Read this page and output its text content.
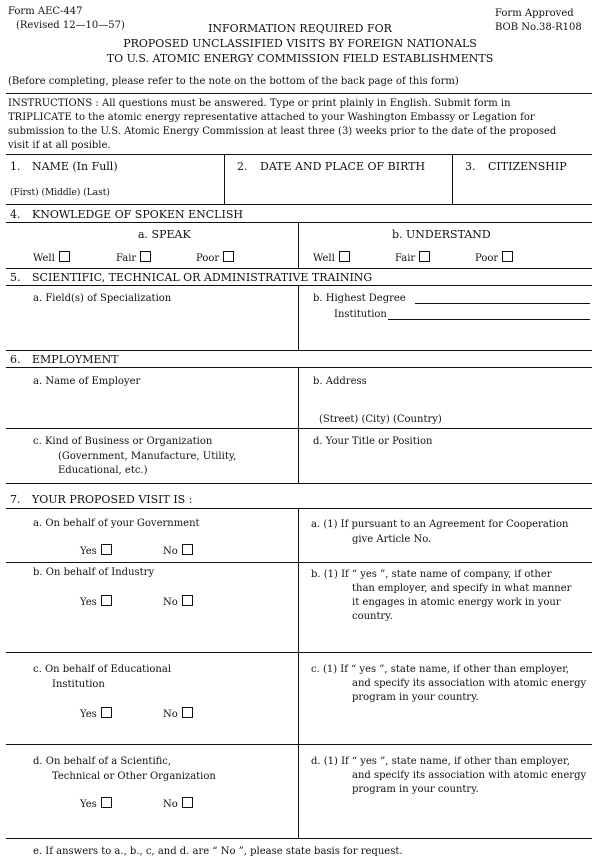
Form AEC-447
(Revised 12—10—57)
Form Approved
BOB No.38-R108
INFORMATION REQUIRED FOR
PROPOSED UNCLASSIFIED VISITS BY FOREIGN NATIONALS
TO U.S. ATOMIC ENERGY COMMISSION FIELD ESTABLISHMENTS
(Before completing, please refer to the note on the bottom of the back page of this form)
INSTRUCTIONS : All questions must be answered. Type or print plainly in English. Submit form in
TRIPLICATE to the atomic energy representative attached to your Washington Embassy or Legation for
submission to the U.S. Atomic Energy Commission at least three (3) weeks prior to the date of the proposed
visit if at all posible.
1. NAME (In Full)
(First) (Middle) (Last)
2. DATE AND PLACE OF BIRTH	3. CITIZENSHIP
4. KNOWLEDGE OF SPOKEN ENCLISH
a. SPEAK	b. UNDERSTAND
Well	Fair	Poor	Well	Fair	Poor
5. SCIENTIFIC, TECHNICAL OR ADMINISTRATIVE TRAINING
a. Field(s) of Specialization	b. Highest Degree
Institution
6. EMPLOYMENT
a. Name of Employer	b. Address
(Street) (City) (Country)
c. Kind of Business or Organization
(Government, Manufacture, Utility,
Educational, etc.)
d. Your Title or Position
7. YOUR PROPOSED VISIT IS :
a. On behalf of your Government
Yes	No
a. (1) If pursuant to an Agreement for Cooperation
give Article No.
b. On behalf of Industry
Yes	No
b. (1) If “ yes ”, state name of company, if other
than employer, and specify in what manner
it engages in atomic energy work in your
country.
c. On behalf of Educational
Institution
Yes	No
c. (1) If “ yes ”, state name, if other than employer,
and specify its association with atomic energy
program in your country.
d. On behalf of a Scientific,
Technical or Other Organization
Yes	No
d. (1) If “ yes ”, state name, if other than employer,
and specify its association with atomic energy
program in your country.
e. If answers to a., b., c, and d. are “ No ”, please state basis for request.
